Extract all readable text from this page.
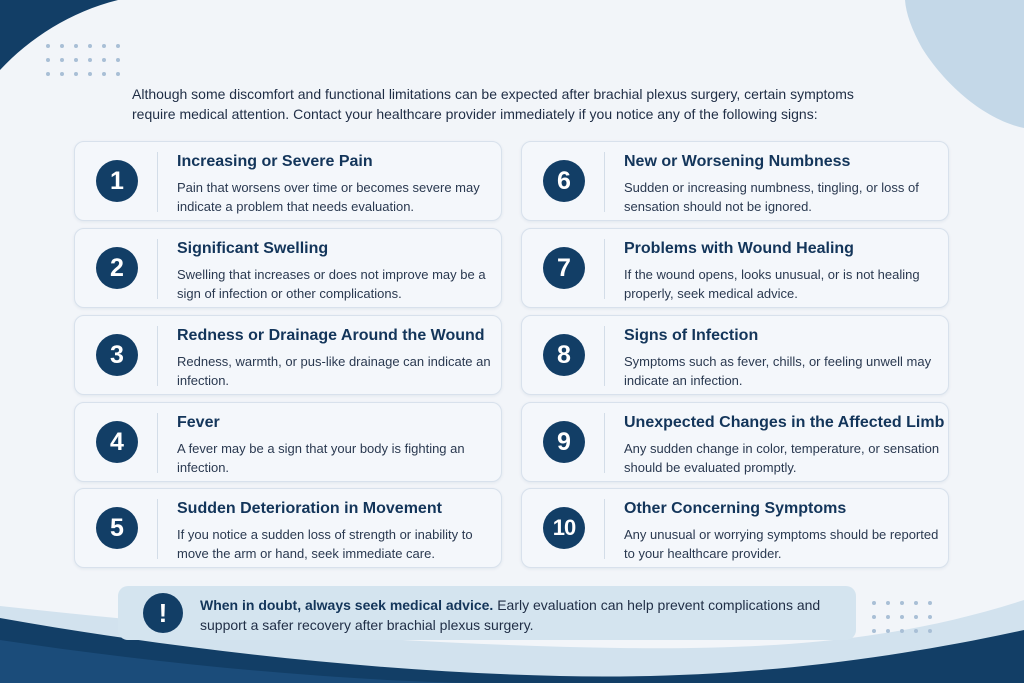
Although some discomfort and functional limitations can be expected after brachial plexus surgery, certain symptoms require medical attention. Contact your healthcare provider immediately if you notice any of the following signs:

1
Increasing or Severe Pain
Pain that worsens over time or becomes severe may indicate a problem that needs evaluation.
2
Significant Swelling
Swelling that increases or does not improve may be a sign of infection or other complications.
3
Redness or Drainage Around the Wound
Redness, warmth, or pus-like drainage can indicate an infection.
4
Fever
A fever may be a sign that your body is fighting an infection.
5
Sudden Deterioration in Movement
If you notice a sudden loss of strength or inability to move the arm or hand, seek immediate care.
6
New or Worsening Numbness
Sudden or increasing numbness, tingling, or loss of sensation should not be ignored.
7
Problems with Wound Healing
If the wound opens, looks unusual, or is not healing properly, seek medical advice.
8
Signs of Infection
Symptoms such as fever, chills, or feeling unwell may indicate an infection.
9
Unexpected Changes in the Affected Limb
Any sudden change in color, temperature, or sensation should be evaluated promptly.
10
Other Concerning Symptoms
Any unusual or worrying symptoms should be reported to your healthcare provider.
!	When in doubt, always seek medical advice. Early evaluation can help prevent complications and support a safer recovery after brachial plexus surgery.
